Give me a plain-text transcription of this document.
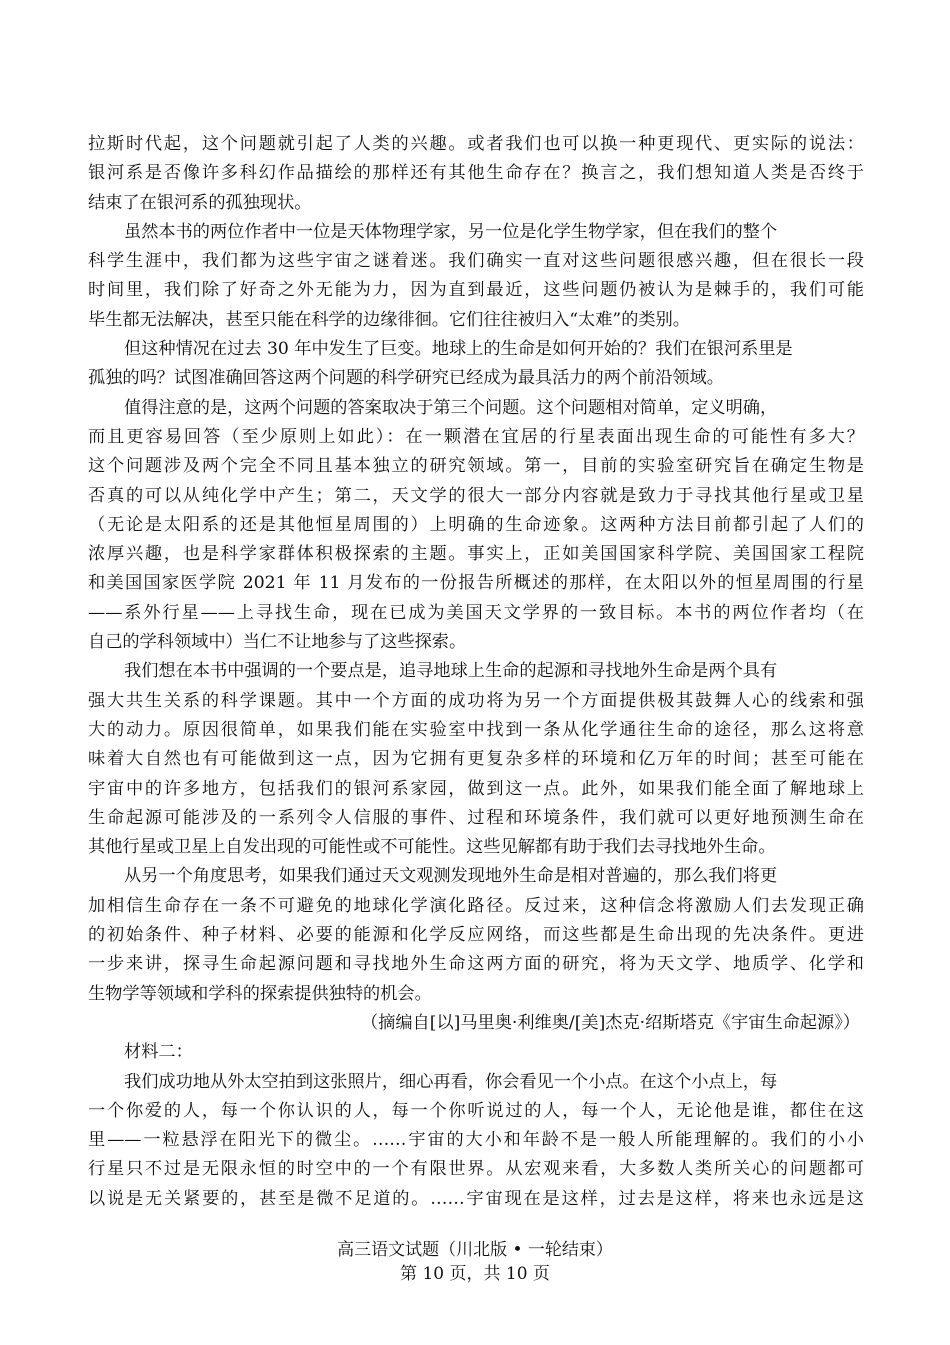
拉斯时代起，这个问题就引起了人类的兴趣。或者我们也可以换一种更现代、更实际的说法：
银河系是否像许多科幻作品描绘的那样还有其他生命存在？换言之，我们想知道人类是否终于
结束了在银河系的孤独现状。
虽然本书的两位作者中一位是天体物理学家，另一位是化学生物学家，但在我们的整个
科学生涯中，我们都为这些宇宙之谜着迷。我们确实一直对这些问题很感兴趣，但在很长一段
时间里，我们除了好奇之外无能为力，因为直到最近，这些问题仍被认为是棘手的，我们可能
毕生都无法解决，甚至只能在科学的边缘徘徊。它们往往被归入“太难”的类别。
但这种情况在过去 30 年中发生了巨变。地球上的生命是如何开始的？我们在银河系里是
孤独的吗？试图准确回答这两个问题的科学研究已经成为最具活力的两个前沿领域。
值得注意的是，这两个问题的答案取决于第三个问题。这个问题相对简单，定义明确，
而且更容易回答（至少原则上如此）：在一颗潜在宜居的行星表面出现生命的可能性有多大？
这个问题涉及两个完全不同且基本独立的研究领域。第一，目前的实验室研究旨在确定生物是
否真的可以从纯化学中产生；第二，天文学的很大一部分内容就是致力于寻找其他行星或卫星
（无论是太阳系的还是其他恒星周围的）上明确的生命迹象。这两种方法目前都引起了人们的
浓厚兴趣，也是科学家群体积极探索的主题。事实上，正如美国国家科学院、美国国家工程院
和美国国家医学院 2021 年 11 月发布的一份报告所概述的那样，在太阳以外的恒星周围的行星
——系外行星——上寻找生命，现在已成为美国天文学界的一致目标。本书的两位作者均（在
自己的学科领域中）当仁不让地参与了这些探索。
我们想在本书中强调的一个要点是，追寻地球上生命的起源和寻找地外生命是两个具有
强大共生关系的科学课题。其中一个方面的成功将为另一个方面提供极其鼓舞人心的线索和强
大的动力。原因很简单，如果我们能在实验室中找到一条从化学通往生命的途径，那么这将意
味着大自然也有可能做到这一点，因为它拥有更复杂多样的环境和亿万年的时间；甚至可能在
宇宙中的许多地方，包括我们的银河系家园，做到这一点。此外，如果我们能全面了解地球上
生命起源可能涉及的一系列令人信服的事件、过程和环境条件，我们就可以更好地预测生命在
其他行星或卫星上自发出现的可能性或不可能性。这些见解都有助于我们去寻找地外生命。
从另一个角度思考，如果我们通过天文观测发现地外生命是相对普遍的，那么我们将更
加相信生命存在一条不可避免的地球化学演化路径。反过来，这种信念将激励人们去发现正确
的初始条件、种子材料、必要的能源和化学反应网络，而这些都是生命出现的先决条件。更进
一步来讲，探寻生命起源问题和寻找地外生命这两方面的研究，将为天文学、地质学、化学和
生物学等领域和学科的探索提供独特的机会。
（摘编自[以]马里奥·利维奥/[美]杰克·绍斯塔克《宇宙生命起源》）
材料二：
我们成功地从外太空拍到这张照片，细心再看，你会看见一个小点。在这个小点上，每
一个你爱的人，每一个你认识的人，每一个你听说过的人，每一个人，无论他是谁，都住在这
里——一粒悬浮在阳光下的微尘。……宇宙的大小和年龄不是一般人所能理解的。我们的小小
行星只不过是无限永恒的时空中的一个有限世界。从宏观来看，大多数人类所关心的问题都可
以说是无关紧要的，甚至是微不足道的。……宇宙现在是这样，过去是这样，将来也永远是这
高三语文试题（川北版 • 一轮结束）
第 10 页，共 10 页
